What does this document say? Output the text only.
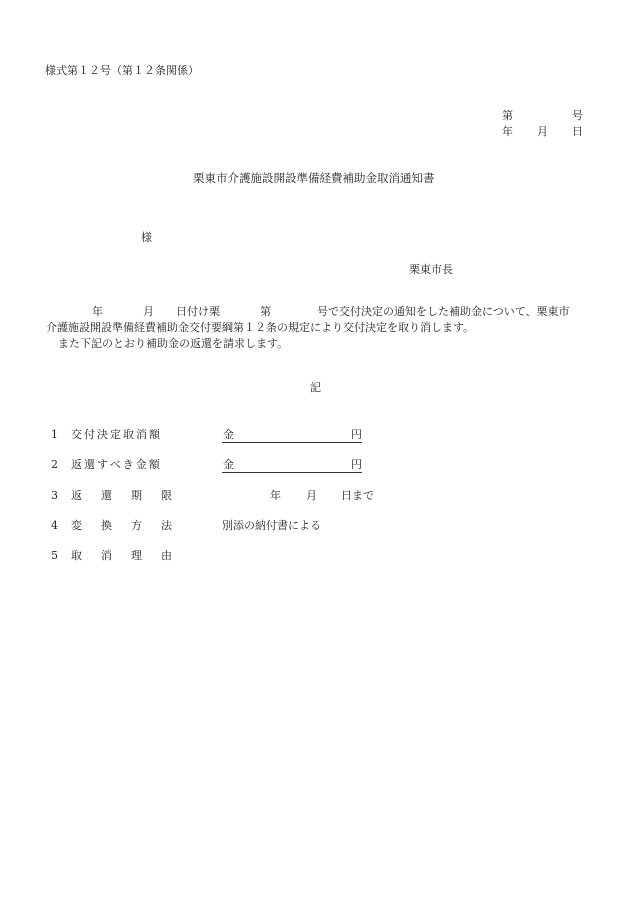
様式第１２号（第１２条関係）
第	号
年 月 日
栗東市介護施設開設準備経費補助金取消通知書
様
栗東市長
年	月 日付け栗	第	号で交付決定の通知をした補助金について、栗東市
介護施設開設準備経費補助金交付要綱第１２条の規定により交付決定を取り消します。
また下記のとおり補助金の返還を請求します。
記
1 交付決定取消額	金	円
2 返還すべき金額	金	円
3 返　還　期　限	年 月 日まで
4 変　換　方　法	別添の納付書による
5 取　消　理　由
